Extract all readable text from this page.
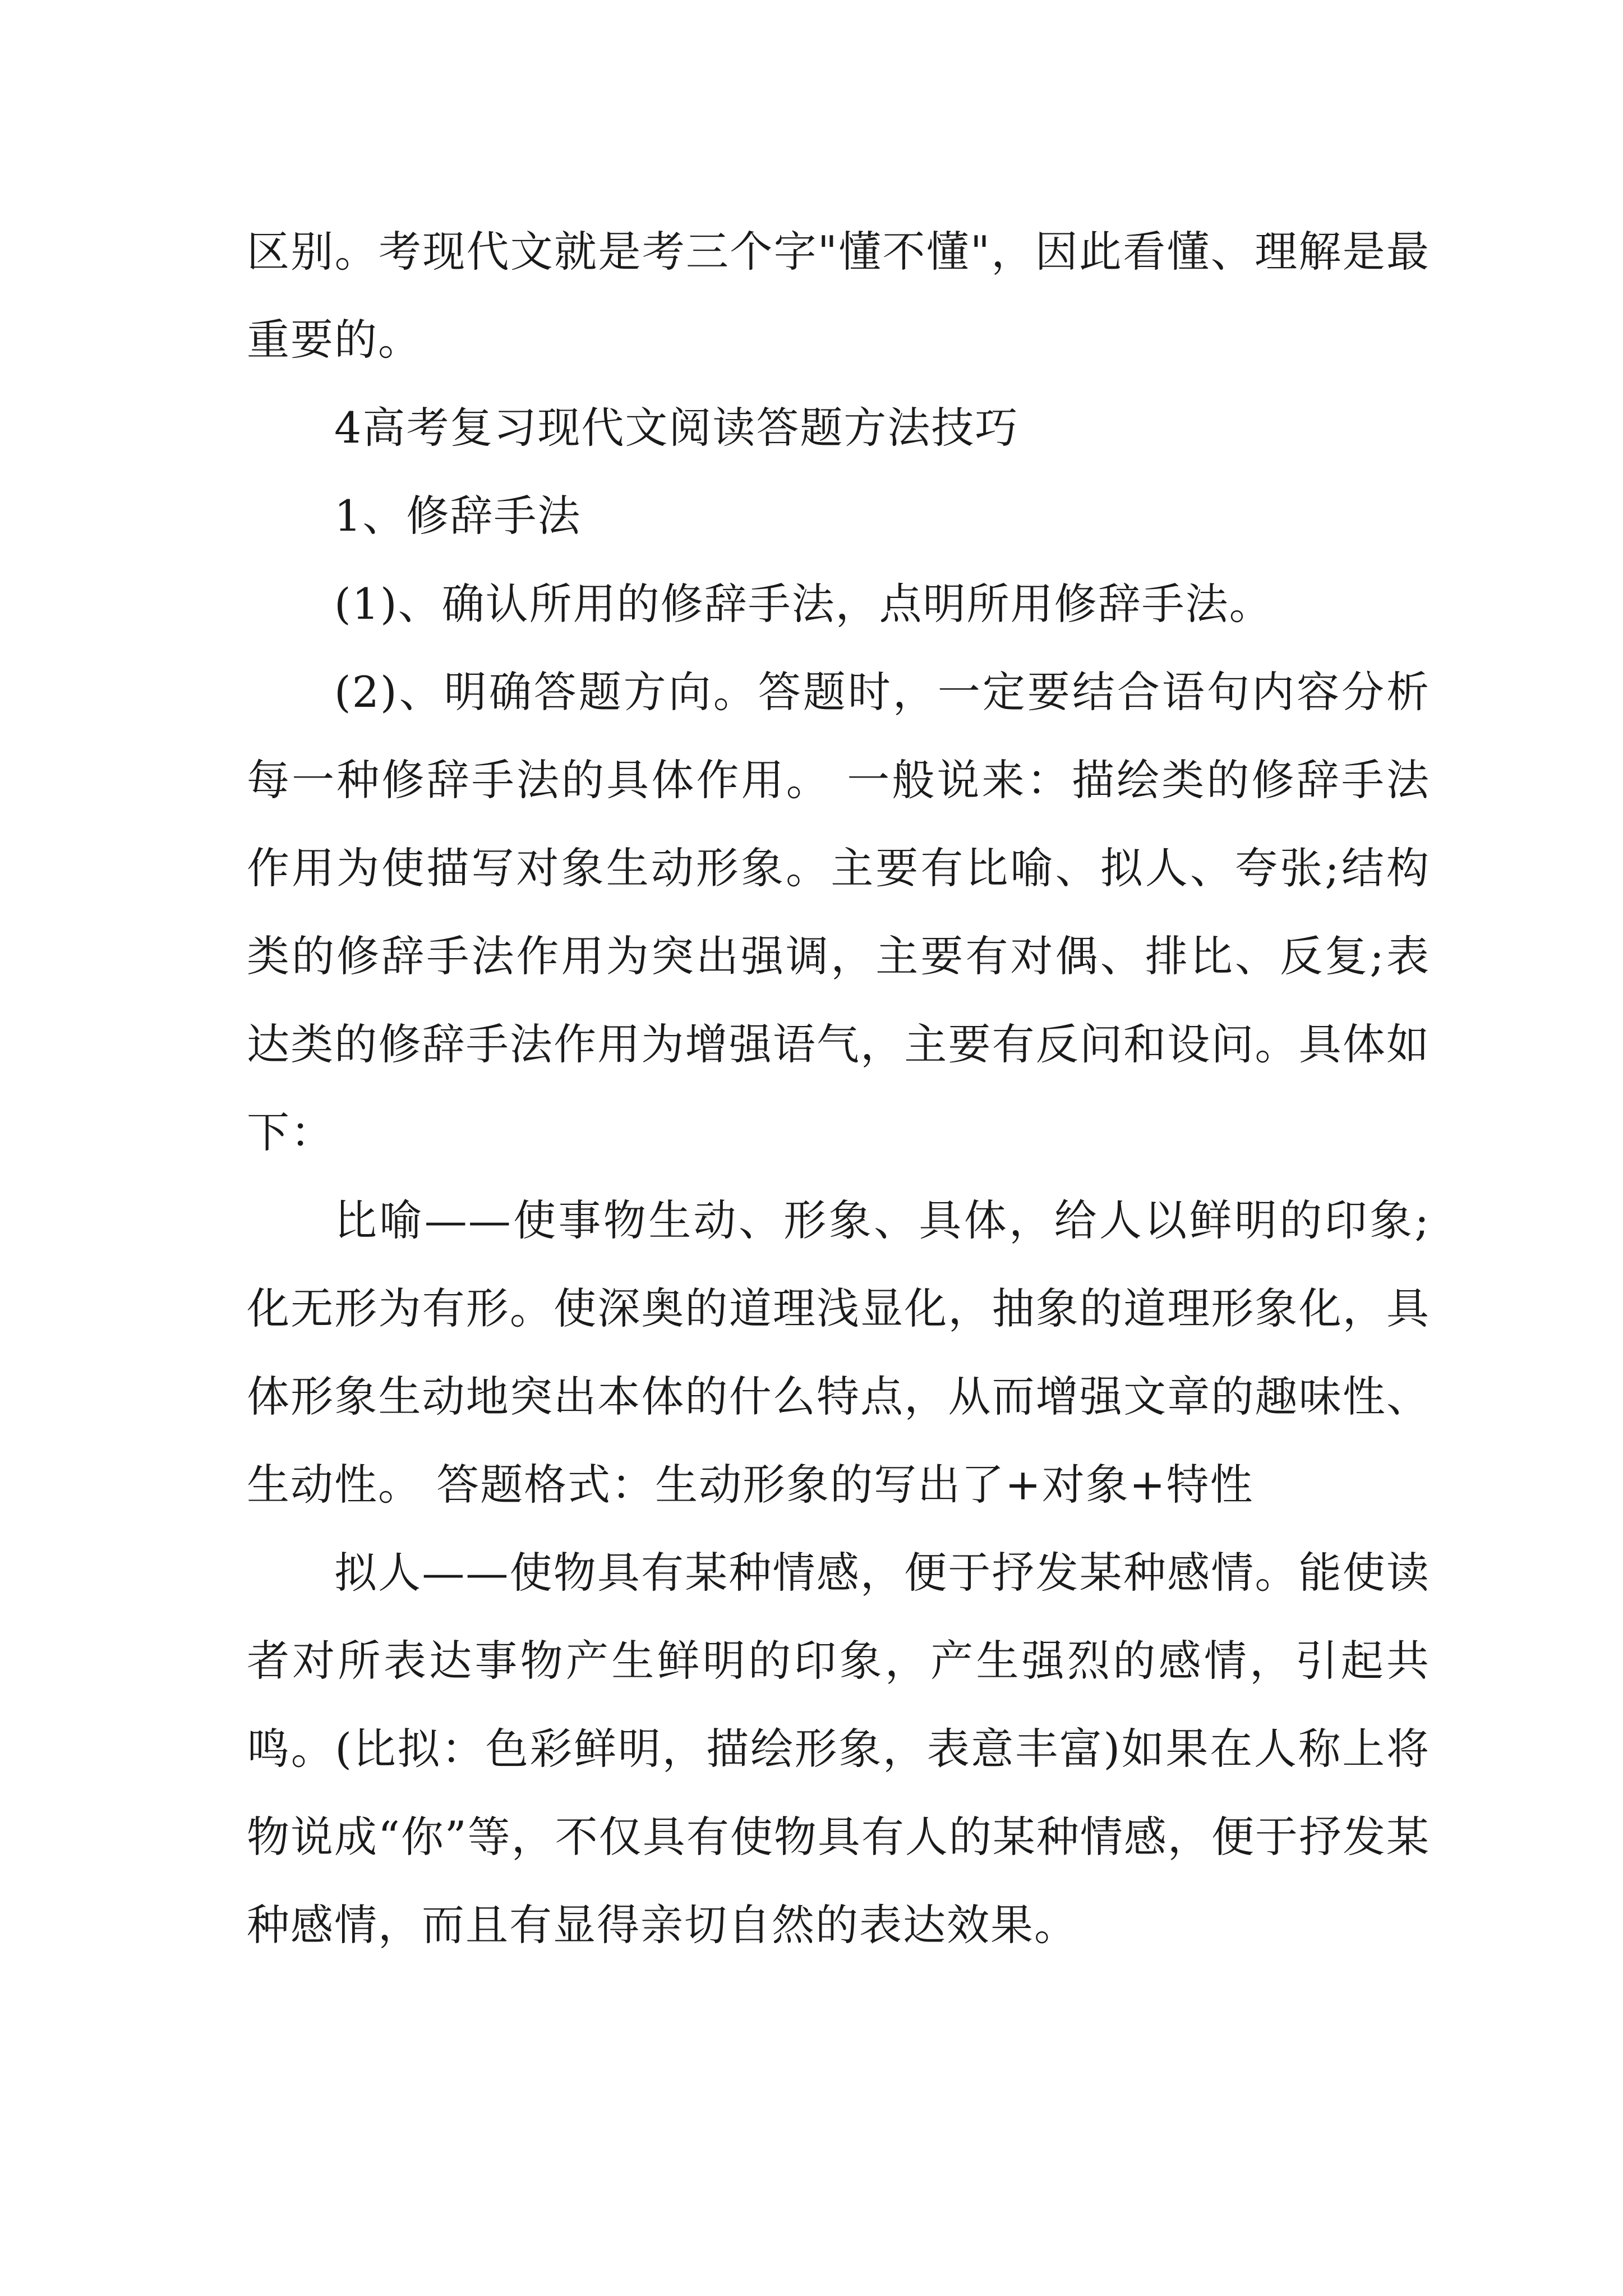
区别。考现代文就是考三个字"懂不懂"，因此看懂、理解是最重要的。

4高考复习现代文阅读答题方法技巧

1、修辞手法

(1)、确认所用的修辞手法，点明所用修辞手法。

(2)、明确答题方向。答题时，一定要结合语句内容分析每一种修辞手法的具体作用。 一般说来：描绘类的修辞手法作用为使描写对象生动形象。主要有比喻、拟人、夸张;结构类的修辞手法作用为突出强调，主要有对偶、排比、反复;表达类的修辞手法作用为增强语气，主要有反问和设问。具体如下：

比喻——使事物生动、形象、具体，给人以鲜明的印象;化无形为有形。使深奥的道理浅显化，抽象的道理形象化，具体形象生动地突出本体的什么特点，从而增强文章的趣味性、生动性。 答题格式：生动形象的写出了+对象+特性

拟人——使物具有某种情感，便于抒发某种感情。能使读者对所表达事物产生鲜明的印象，产生强烈的感情，引起共鸣。(比拟：色彩鲜明，描绘形象，表意丰富)如果在人称上将物说成“你”等，不仅具有使物具有人的某种情感，便于抒发某种感情，而且有显得亲切自然的表达效果。
